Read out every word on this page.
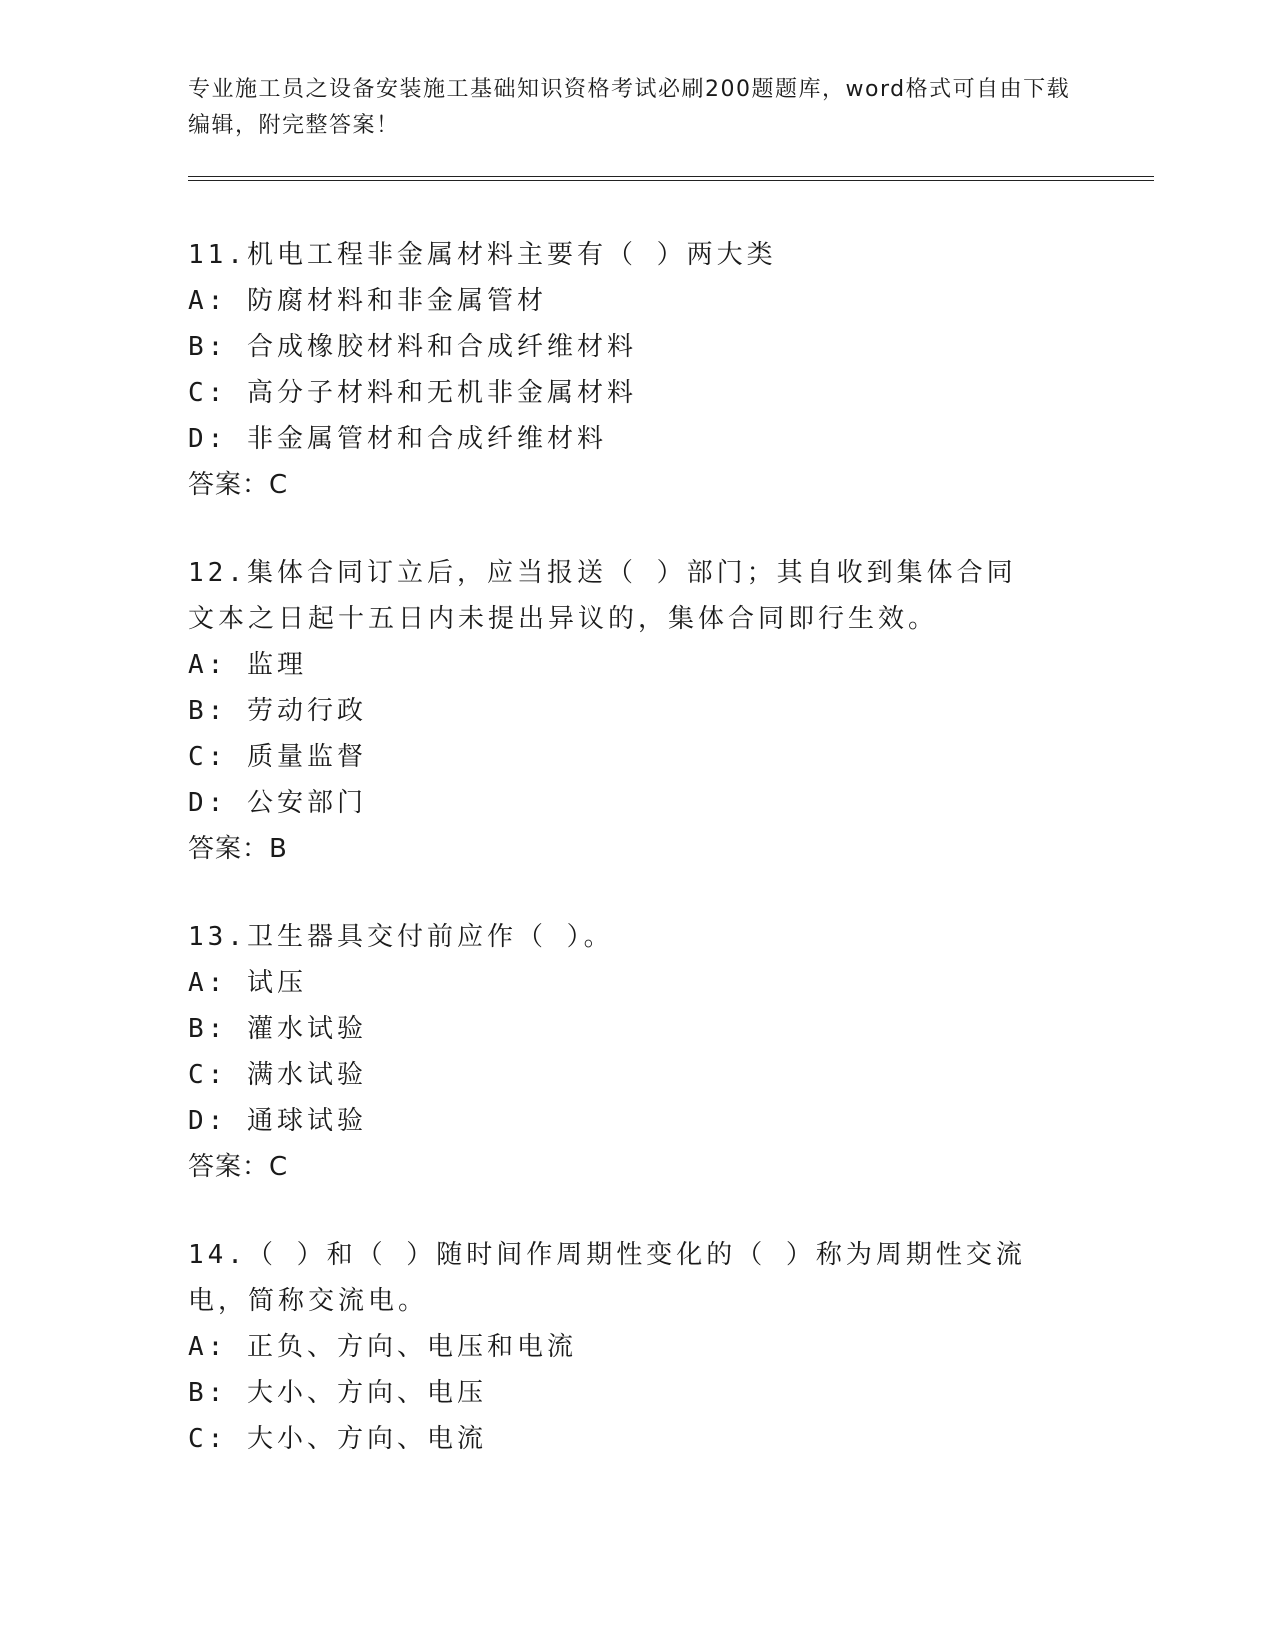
专业施工员之设备安装施工基础知识资格考试必刷200题题库，word格式可自由下载编辑，附完整答案！
11.机电工程非金属材料主要有（ ）两大类
A: 防腐材料和非金属管材
B: 合成橡胶材料和合成纤维材料
C: 高分子材料和无机非金属材料
D: 非金属管材和合成纤维材料
答案：C
12.集体合同订立后，应当报送（ ）部门；其自收到集体合同文本之日起十五日内未提出异议的，集体合同即行生效。
A: 监理
B: 劳动行政
C: 质量监督
D: 公安部门
答案：B
13.卫生器具交付前应作（ ）。
A: 试压
B: 灌水试验
C: 满水试验
D: 通球试验
答案：C
14.（ ）和（ ）随时间作周期性变化的（ ）称为周期性交流电，简称交流电。
A: 正负、方向、电压和电流
B: 大小、方向、电压
C: 大小、方向、电流
